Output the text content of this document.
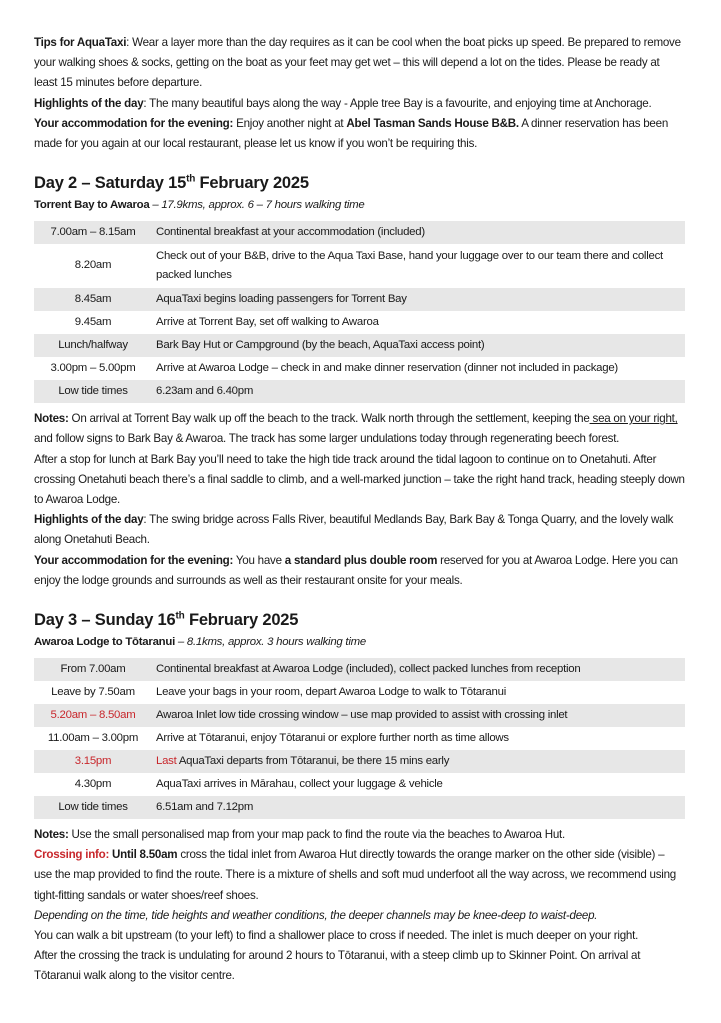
Tips for AquaTaxi: Wear a layer more than the day requires as it can be cool when the boat picks up speed. Be prepared to remove your walking shoes & socks, getting on the boat as your feet may get wet – this will depend a lot on the tides. Please be ready at least 15 minutes before departure.

Highlights of the day: The many beautiful bays along the way - Apple tree Bay is a favourite, and enjoying time at Anchorage.

Your accommodation for the evening: Enjoy another night at Abel Tasman Sands House B&B. A dinner reservation has been made for you again at our local restaurant, please let us know if you won’t be requiring this.

Day 2 – Saturday 15th February 2025
Torrent Bay to Awaroa – 17.9kms, approx. 6 – 7 hours walking time
7.00am – 8.15am	Continental breakfast at your accommodation (included)
8.20am	Check out of your B&B, drive to the Aqua Taxi Base, hand your luggage over to our team there and collect packed lunches
8.45am	AquaTaxi begins loading passengers for Torrent Bay
9.45am	Arrive at Torrent Bay, set off walking to Awaroa
Lunch/halfway	Bark Bay Hut or Campground (by the beach, AquaTaxi access point)
3.00pm – 5.00pm	Arrive at Awaroa Lodge – check in and make dinner reservation (dinner not included in package)
Low tide times	6.23am and 6.40pm

Notes: On arrival at Torrent Bay walk up off the beach to the track. Walk north through the settlement, keeping the sea on your right, and follow signs to Bark Bay & Awaroa. The track has some larger undulations today through regenerating beech forest.

After a stop for lunch at Bark Bay you’ll need to take the high tide track around the tidal lagoon to continue on to Onetahuti. After crossing Onetahuti beach there’s a final saddle to climb, and a well-marked junction – take the right hand track, heading steeply down to Awaroa Lodge.

Highlights of the day: The swing bridge across Falls River, beautiful Medlands Bay, Bark Bay & Tonga Quarry, and the lovely walk along Onetahuti Beach.

Your accommodation for the evening: You have a standard plus double room reserved for you at Awaroa Lodge. Here you can enjoy the lodge grounds and surrounds as well as their restaurant onsite for your meals.

Day 3 – Sunday 16th February 2025
Awaroa Lodge to Tōtaranui – 8.1kms, approx. 3 hours walking time
From 7.00am	Continental breakfast at Awaroa Lodge (included), collect packed lunches from reception
Leave by 7.50am	Leave your bags in your room, depart Awaroa Lodge to walk to Tōtaranui
5.20am – 8.50am	Awaroa Inlet low tide crossing window – use map provided to assist with crossing inlet
11.00am – 3.00pm	Arrive at Tōtaranui, enjoy Tōtaranui or explore further north as time allows
3.15pm	Last AquaTaxi departs from Tōtaranui, be there 15 mins early
4.30pm	AquaTaxi arrives in Mārahau, collect your luggage & vehicle
Low tide times	6.51am and 7.12pm

Notes: Use the small personalised map from your map pack to find the route via the beaches to Awaroa Hut.

Crossing info: Until 8.50am cross the tidal inlet from Awaroa Hut directly towards the orange marker on the other side (visible) – use the map provided to find the route. There is a mixture of shells and soft mud underfoot all the way across, we recommend using tight-fitting sandals or water shoes/reef shoes.

Depending on the time, tide heights and weather conditions, the deeper channels may be knee-deep to waist-deep.

You can walk a bit upstream (to your left) to find a shallower place to cross if needed. The inlet is much deeper on your right.

After the crossing the track is undulating for around 2 hours to Tōtaranui, with a steep climb up to Skinner Point. On arrival at Tōtaranui walk along to the visitor centre.
